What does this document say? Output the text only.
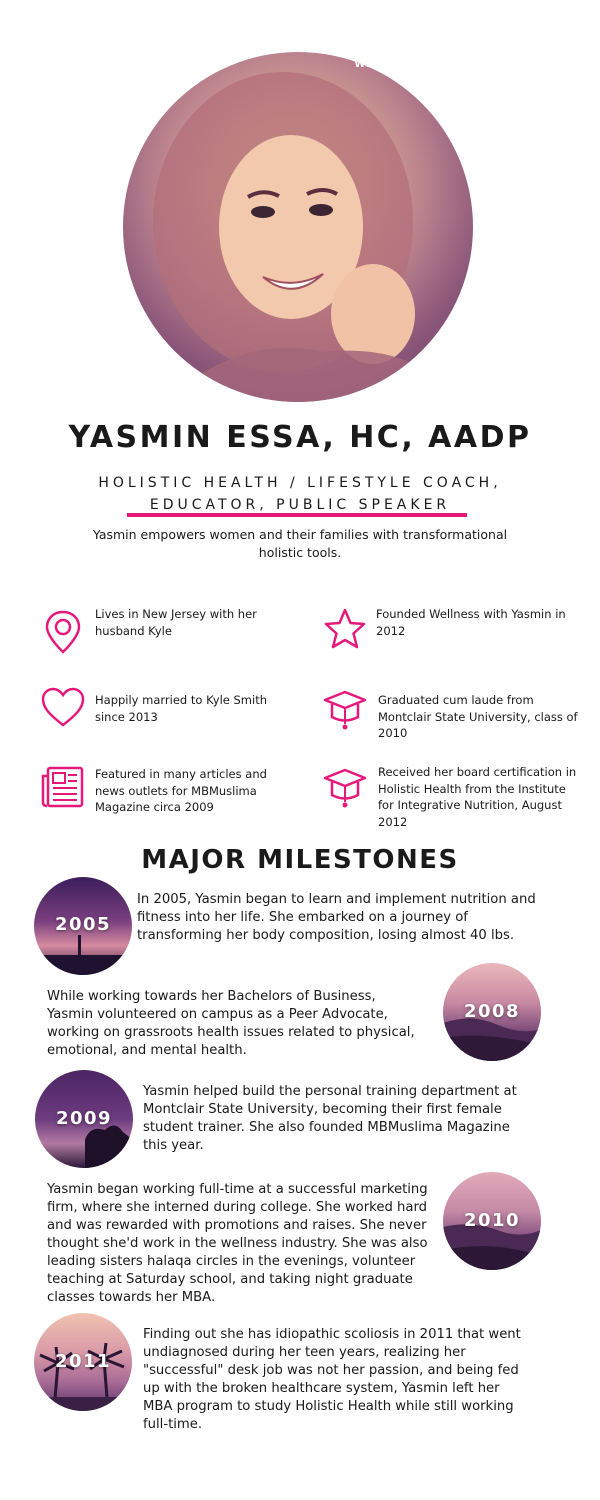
WELL
YASMIN ESSA, HC, AADP
HOLISTIC HEALTH / LIFESTYLE COACH,
EDUCATOR, PUBLIC SPEAKER
Yasmin empowers women and their families with transformational holistic tools.
Lives in New Jersey with her husband Kyle
Founded Wellness with Yasmin in 2012
Happily married to Kyle Smith since 2013
Graduated cum laude from Montclair State University, class of 2010
Featured in many articles and news outlets for MBMuslima Magazine circa 2009
Received her board certification in Holistic Health from the Institute for Integrative Nutrition, August 2012
MAJOR MILESTONES
2005
In 2005, Yasmin began to learn and implement nutrition and fitness into her life. She embarked on a journey of transforming her body composition, losing almost 40 lbs.
While working towards her Bachelors of Business, Yasmin volunteered on campus as a Peer Advocate, working on grassroots health issues related to physical, emotional, and mental health.
2008
2009
Yasmin helped build the personal training department at Montclair State University, becoming their first female student trainer. She also founded MBMuslima Magazine this year.
Yasmin began working full-time at a successful marketing firm, where she interned during college. She worked hard and was rewarded with promotions and raises. She never thought she'd work in the wellness industry. She was also leading sisters halaqa circles in the evenings, volunteer teaching at Saturday school, and taking night graduate classes towards her MBA.
2010
2011
Finding out she has idiopathic scoliosis in 2011 that went undiagnosed during her teen years, realizing her "successful" desk job was not her passion, and being fed up with the broken healthcare system, Yasmin left her MBA program to study Holistic Health while still working full-time.
